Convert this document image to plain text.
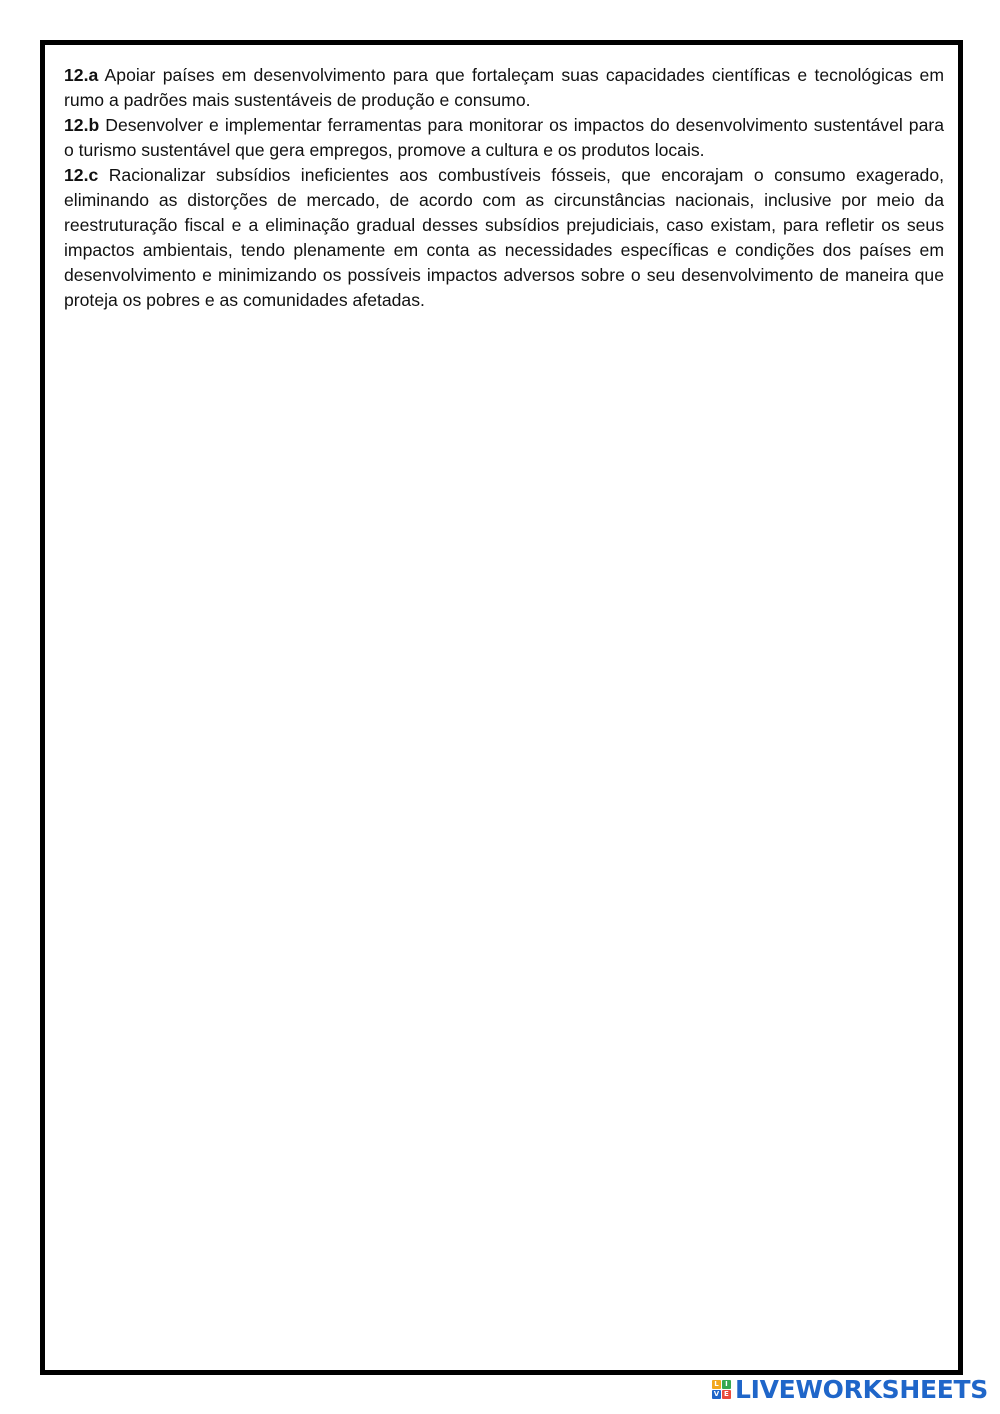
12.a Apoiar países em desenvolvimento para que fortaleçam suas capacidades científicas e tecnológicas em rumo a padrões mais sustentáveis de produção e consumo.

12.b Desenvolver e implementar ferramentas para monitorar os impactos do desenvolvimento sustentável para o turismo sustentável que gera empregos, promove a cultura e os produtos locais.

12.c Racionalizar subsídios ineficientes aos combustíveis fósseis, que encorajam o consumo exagerado, eliminando as distorções de mercado, de acordo com as circunstâncias nacionais, inclusive por meio da reestruturação fiscal e a eliminação gradual desses subsídios prejudiciais, caso existam, para refletir os seus impactos ambientais, tendo plenamente em conta as necessidades específicas e condições dos países em desenvolvimento e minimizando os possíveis impactos adversos sobre o seu desenvolvimento de maneira que proteja os pobres e as comunidades afetadas.

L I
V E LIVEWORKSHEETS
